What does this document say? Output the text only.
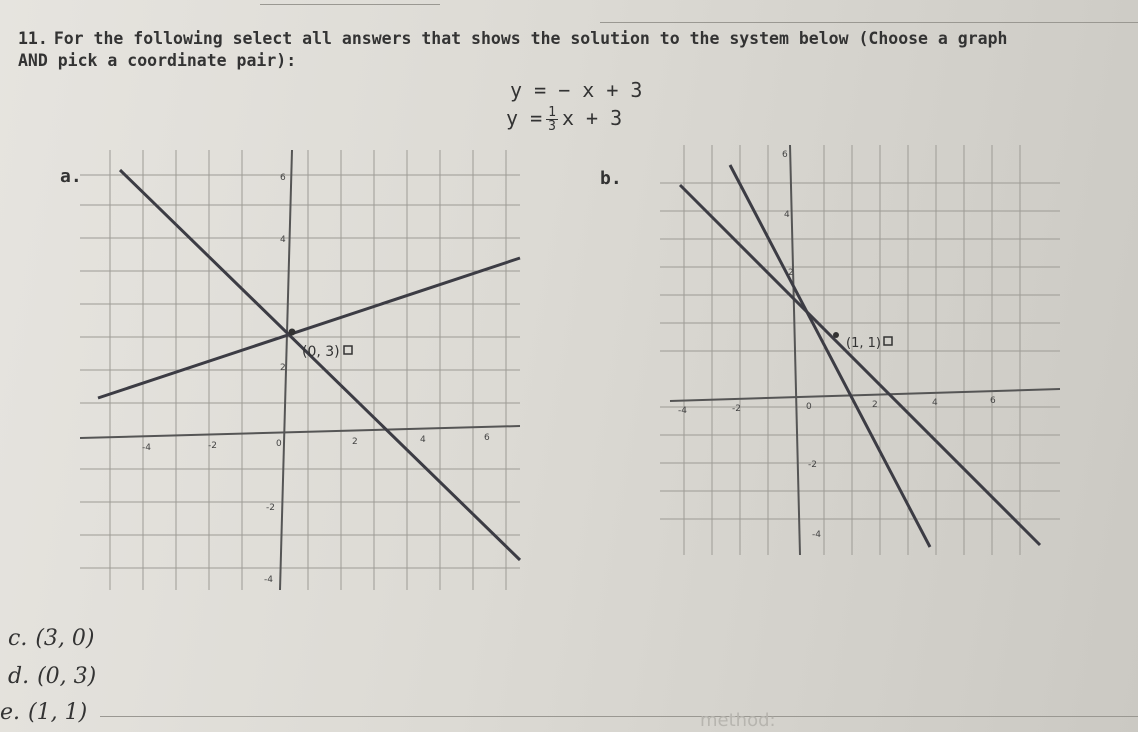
11. For the following select all answers that shows the solution to the system below (Choose a graph AND pick a coordinate pair):
y = − x + 3
$y = \frac{1}{3}$ x + 3
a.	b.
(0, 3)
-4	-2	0	2	4	6
6
4
2
-2
-4
(1, 1)
-4	-2	0	2	4	6
6
4
2
-2
-4
c. (3, 0)
d. (0, 3)
e. (1, 1)	method:
